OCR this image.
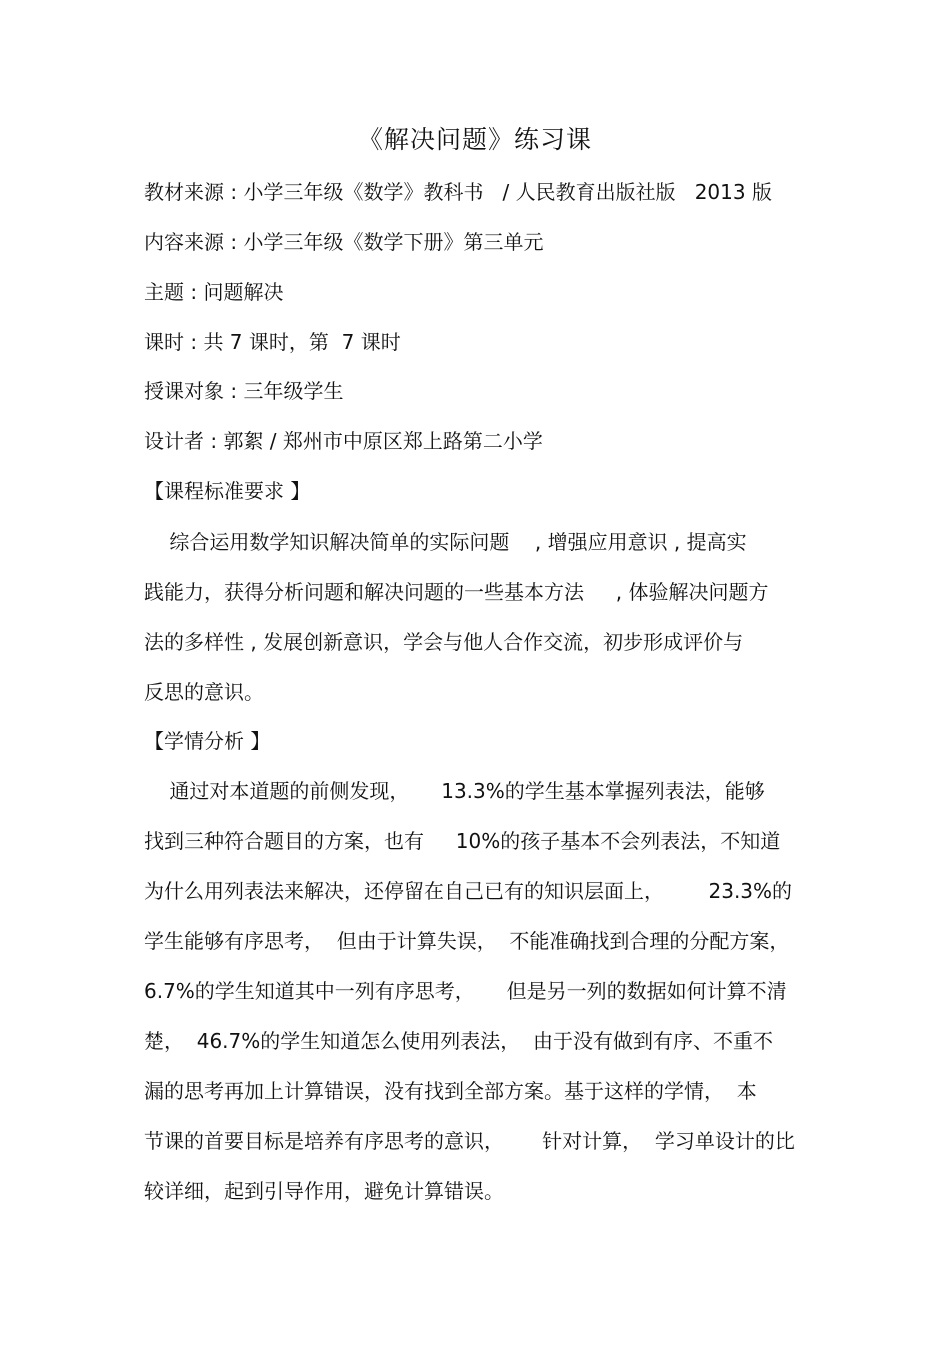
《解决问题》练习课
教材来源 : 小学三年级《数学》教科书   / 人民教育出版社版   2013 版
内容来源 : 小学三年级《数学下册》第三单元
主题 : 问题解决
课时 : 共 7 课时，第  7 课时
授课对象 : 三年级学生
设计者 : 郭絮 / 郑州市中原区郑上路第二小学
【课程标准要求 】
综合运用数学知识解决简单的实际问题    , 增强应用意识 , 提高实
践能力，获得分析问题和解决问题的一些基本方法     , 体验解决问题方
法的多样性 , 发展创新意识，学会与他人合作交流，初步形成评价与
反思的意识。
【学情分析 】
通过对本道题的前侧发现，     13.3%的学生基本掌握列表法，能够
找到三种符合题目的方案，也有     10%的孩子基本不会列表法，不知道
为什么用列表法来解决，还停留在自己已有的知识层面上，       23.3%的
学生能够有序思考，  但由于计算失误，  不能准确找到合理的分配方案，
6.7%的学生知道其中一列有序思考，     但是另一列的数据如何计算不清
楚，  46.7%的学生知道怎么使用列表法，  由于没有做到有序、不重不
漏的思考再加上计算错误，没有找到全部方案。基于这样的学情，  本
节课的首要目标是培养有序思考的意识，      针对计算，  学习单设计的比
较详细，起到引导作用，避免计算错误。
